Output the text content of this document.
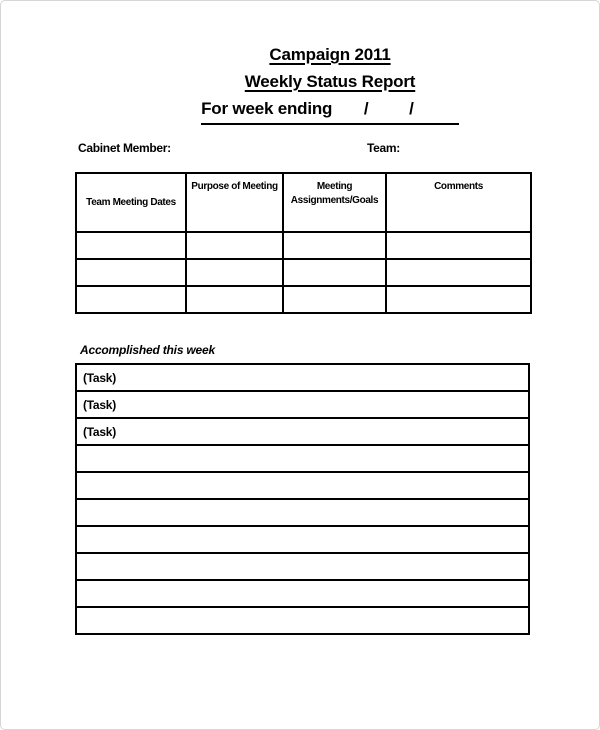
Campaign 2011
Weekly Status Report
For week ending       /         /
Cabinet Member:	Team:
Team Meeting Dates	Purpose of Meeting	Meeting Assignments/Goals	Comments

Accomplished this week
(Task)
(Task)
(Task)
